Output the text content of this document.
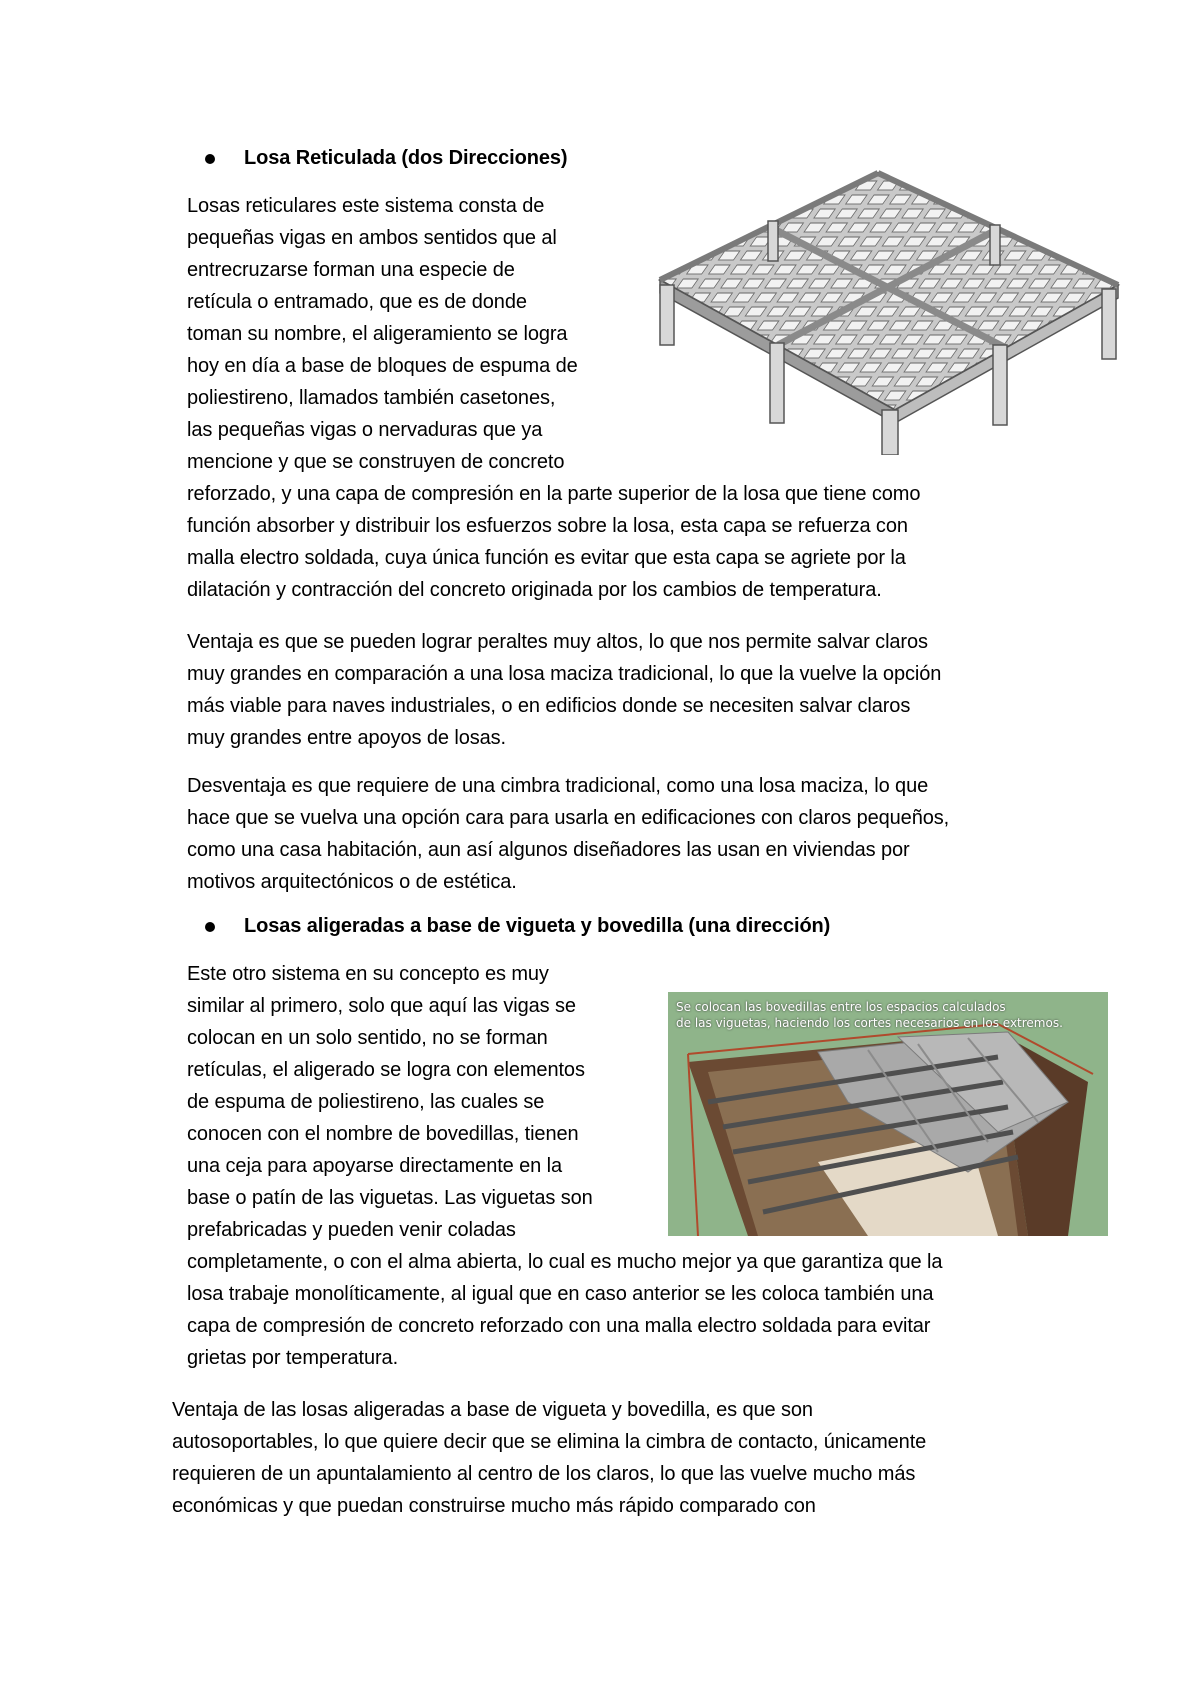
Losa Reticulada (dos Direcciones)
Losas reticulares este sistema consta de
pequeñas vigas en ambos sentidos que al
entrecruzarse forman una especie de
retícula o entramado, que es de donde
toman su nombre, el aligeramiento se logra
hoy en día a base de bloques de espuma de
poliestireno, llamados también casetones,
las pequeñas vigas o nervaduras que ya
mencione y que se construyen de concreto
reforzado, y una capa de compresión en la parte superior de la losa que tiene como
función absorber y distribuir los esfuerzos sobre la losa, esta capa se refuerza con
malla electro soldada, cuya única función es evitar que esta capa se agriete por la
dilatación y contracción del concreto originada por los cambios de temperatura.
Ventaja es que se pueden lograr peraltes muy altos, lo que nos permite salvar claros
muy grandes en comparación a una losa maciza tradicional, lo que la vuelve la opción
más viable para naves industriales, o en edificios donde se necesiten salvar claros
muy grandes entre apoyos de losas.
Desventaja es que requiere de una cimbra tradicional, como una losa maciza, lo que
hace que se vuelva una opción cara para usarla en edificaciones con claros pequeños,
como una casa habitación, aun así algunos diseñadores las usan en viviendas por
motivos arquitectónicos o de estética.
Losas aligeradas a base de vigueta y bovedilla (una dirección)
Este otro sistema en su concepto es muy
similar al primero, solo que aquí las vigas se
colocan en un solo sentido, no se forman
retículas, el aligerado se logra con elementos
de espuma de poliestireno, las cuales se
conocen con el nombre de bovedillas, tienen
una ceja para apoyarse directamente en la
base o patín de las viguetas. Las viguetas son
prefabricadas y pueden venir coladas
Se colocan las bovedillas entre los espacios calculados
de las viguetas, haciendo los cortes necesarios en los extremos.
completamente, o con el alma abierta, lo cual es mucho mejor ya que garantiza que la
losa trabaje monolíticamente, al igual que en caso anterior se les coloca también una
capa de compresión de concreto reforzado con una malla electro soldada para evitar
grietas por temperatura.
Ventaja de las losas aligeradas a base de vigueta y bovedilla, es que son
autosoportables, lo que quiere decir que se elimina la cimbra de contacto, únicamente
requieren de un apuntalamiento al centro de los claros, lo que las vuelve mucho más
económicas y que puedan construirse mucho más rápido comparado con
